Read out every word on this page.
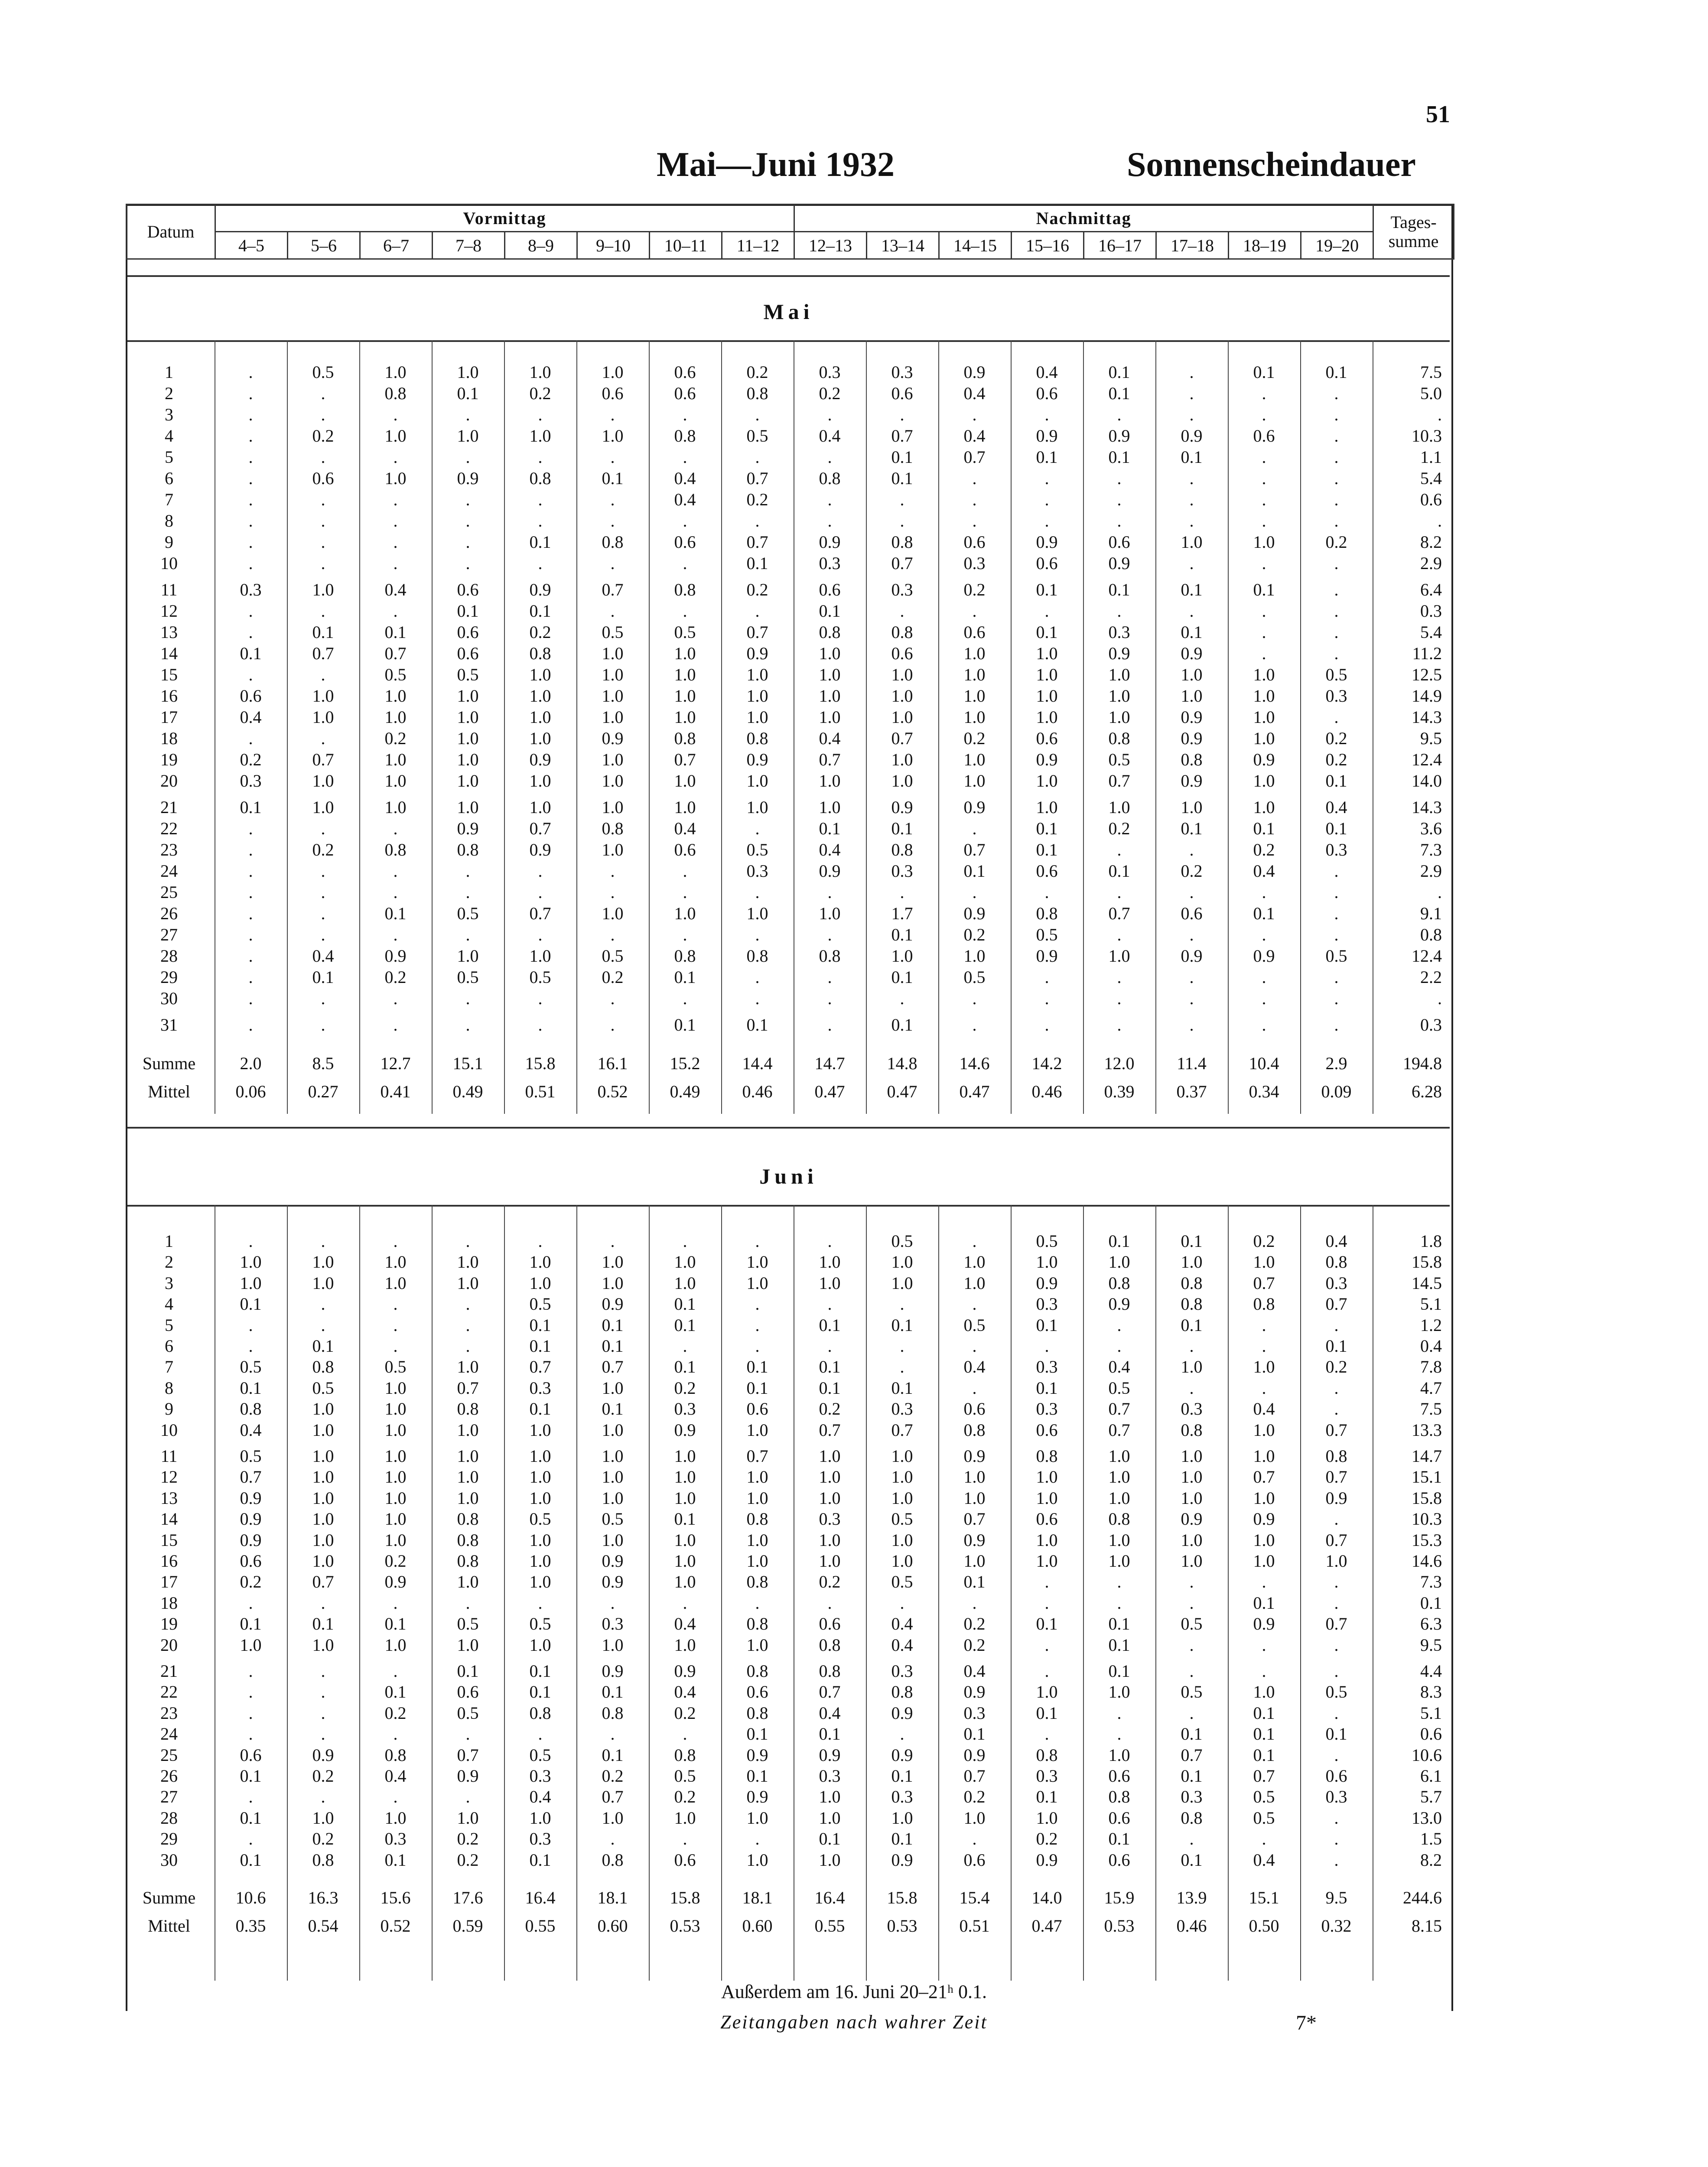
51
Mai—Juni 1932	Sonnenscheindauer
Datum	Vormittag								Nachmittag								Tages-
summe
	4–5	5–6	6–7	7–8	8–9	9–10	10–11	11–12	12–13	13–14	14–15	15–16	16–17	17–18	18–19	19–20	
Mai
1	.	0.5	1.0	1.0	1.0	1.0	0.6	0.2	0.3	0.3	0.9	0.4	0.1	.	0.1	0.1	7.5
2	.	.	0.8	0.1	0.2	0.6	0.6	0.8	0.2	0.6	0.4	0.6	0.1	.	.	.	5.0
3	.	.	.	.	.	.	.	.	.	.	.	.	.	.	.	.	.
4	.	0.2	1.0	1.0	1.0	1.0	0.8	0.5	0.4	0.7	0.4	0.9	0.9	0.9	0.6	.	10.3
5	.	.	.	.	.	.	.	.	.	0.1	0.7	0.1	0.1	0.1	.	.	1.1
6	.	0.6	1.0	0.9	0.8	0.1	0.4	0.7	0.8	0.1	.	.	.	.	.	.	5.4
7	.	.	.	.	.	.	0.4	0.2	.	.	.	.	.	.	.	.	0.6
8	.	.	.	.	.	.	.	.	.	.	.	.	.	.	.	.	.
9	.	.	.	.	0.1	0.8	0.6	0.7	0.9	0.8	0.6	0.9	0.6	1.0	1.0	0.2	8.2
10	.	.	.	.	.	.	.	0.1	0.3	0.7	0.3	0.6	0.9	.	.	.	2.9
11	0.3	1.0	0.4	0.6	0.9	0.7	0.8	0.2	0.6	0.3	0.2	0.1	0.1	0.1	0.1	.	6.4
12	.	.	.	0.1	0.1	.	.	.	0.1	.	.	.	.	.	.	.	0.3
13	.	0.1	0.1	0.6	0.2	0.5	0.5	0.7	0.8	0.8	0.6	0.1	0.3	0.1	.	.	5.4
14	0.1	0.7	0.7	0.6	0.8	1.0	1.0	0.9	1.0	0.6	1.0	1.0	0.9	0.9	.	.	11.2
15	.	.	0.5	0.5	1.0	1.0	1.0	1.0	1.0	1.0	1.0	1.0	1.0	1.0	1.0	0.5	12.5
16	0.6	1.0	1.0	1.0	1.0	1.0	1.0	1.0	1.0	1.0	1.0	1.0	1.0	1.0	1.0	0.3	14.9
17	0.4	1.0	1.0	1.0	1.0	1.0	1.0	1.0	1.0	1.0	1.0	1.0	1.0	0.9	1.0	.	14.3
18	.	.	0.2	1.0	1.0	0.9	0.8	0.8	0.4	0.7	0.2	0.6	0.8	0.9	1.0	0.2	9.5
19	0.2	0.7	1.0	1.0	0.9	1.0	0.7	0.9	0.7	1.0	1.0	0.9	0.5	0.8	0.9	0.2	12.4
20	0.3	1.0	1.0	1.0	1.0	1.0	1.0	1.0	1.0	1.0	1.0	1.0	0.7	0.9	1.0	0.1	14.0
21	0.1	1.0	1.0	1.0	1.0	1.0	1.0	1.0	1.0	0.9	0.9	1.0	1.0	1.0	1.0	0.4	14.3
22	.	.	.	0.9	0.7	0.8	0.4	.	0.1	0.1	.	0.1	0.2	0.1	0.1	0.1	3.6
23	.	0.2	0.8	0.8	0.9	1.0	0.6	0.5	0.4	0.8	0.7	0.1	.	.	0.2	0.3	7.3
24	.	.	.	.	.	.	.	0.3	0.9	0.3	0.1	0.6	0.1	0.2	0.4	.	2.9
25	.	.	.	.	.	.	.	.	.	.	.	.	.	.	.	.	.
26	.	.	0.1	0.5	0.7	1.0	1.0	1.0	1.0	1.7	0.9	0.8	0.7	0.6	0.1	.	9.1
27	.	.	.	.	.	.	.	.	.	0.1	0.2	0.5	.	.	.	.	0.8
28	.	0.4	0.9	1.0	1.0	0.5	0.8	0.8	0.8	1.0	1.0	0.9	1.0	0.9	0.9	0.5	12.4
29	.	0.1	0.2	0.5	0.5	0.2	0.1	.	.	0.1	0.5	.	.	.	.	.	2.2
30	.	.	.	.	.	.	.	.	.	.	.	.	.	.	.	.	.
31	.	.	.	.	.	.	0.1	0.1	.	0.1	.	.	.	.	.	.	0.3
Summe	2.0	8.5	12.7	15.1	15.8	16.1	15.2	14.4	14.7	14.8	14.6	14.2	12.0	11.4	10.4	2.9	194.8
Mittel	0.06	0.27	0.41	0.49	0.51	0.52	0.49	0.46	0.47	0.47	0.47	0.46	0.39	0.37	0.34	0.09	6.28
Juni
1	.	.	.	.	.	.	.	.	.	0.5	.	0.5	0.1	0.1	0.2	0.4	1.8
2	1.0	1.0	1.0	1.0	1.0	1.0	1.0	1.0	1.0	1.0	1.0	1.0	1.0	1.0	1.0	0.8	15.8
3	1.0	1.0	1.0	1.0	1.0	1.0	1.0	1.0	1.0	1.0	1.0	0.9	0.8	0.8	0.7	0.3	14.5
4	0.1	.	.	.	0.5	0.9	0.1	.	.	.	.	0.3	0.9	0.8	0.8	0.7	5.1
5	.	.	.	.	0.1	0.1	0.1	.	0.1	0.1	0.5	0.1	.	0.1	.	.	1.2
6	.	0.1	.	.	0.1	0.1	.	.	.	.	.	.	.	.	.	0.1	0.4
7	0.5	0.8	0.5	1.0	0.7	0.7	0.1	0.1	0.1	.	0.4	0.3	0.4	1.0	1.0	0.2	7.8
8	0.1	0.5	1.0	0.7	0.3	1.0	0.2	0.1	0.1	0.1	.	0.1	0.5	.	.	.	4.7
9	0.8	1.0	1.0	0.8	0.1	0.1	0.3	0.6	0.2	0.3	0.6	0.3	0.7	0.3	0.4	.	7.5
10	0.4	1.0	1.0	1.0	1.0	1.0	0.9	1.0	0.7	0.7	0.8	0.6	0.7	0.8	1.0	0.7	13.3
11	0.5	1.0	1.0	1.0	1.0	1.0	1.0	0.7	1.0	1.0	0.9	0.8	1.0	1.0	1.0	0.8	14.7
12	0.7	1.0	1.0	1.0	1.0	1.0	1.0	1.0	1.0	1.0	1.0	1.0	1.0	1.0	0.7	0.7	15.1
13	0.9	1.0	1.0	1.0	1.0	1.0	1.0	1.0	1.0	1.0	1.0	1.0	1.0	1.0	1.0	0.9	15.8
14	0.9	1.0	1.0	0.8	0.5	0.5	0.1	0.8	0.3	0.5	0.7	0.6	0.8	0.9	0.9	.	10.3
15	0.9	1.0	1.0	0.8	1.0	1.0	1.0	1.0	1.0	1.0	0.9	1.0	1.0	1.0	1.0	0.7	15.3
16	0.6	1.0	0.2	0.8	1.0	0.9	1.0	1.0	1.0	1.0	1.0	1.0	1.0	1.0	1.0	1.0	14.6
17	0.2	0.7	0.9	1.0	1.0	0.9	1.0	0.8	0.2	0.5	0.1	.	.	.	.	.	7.3
18	.	.	.	.	.	.	.	.	.	.	.	.	.	.	0.1	.	0.1
19	0.1	0.1	0.1	0.5	0.5	0.3	0.4	0.8	0.6	0.4	0.2	0.1	0.1	0.5	0.9	0.7	6.3
20	1.0	1.0	1.0	1.0	1.0	1.0	1.0	1.0	0.8	0.4	0.2	.	0.1	.	.	.	9.5
21	.	.	.	0.1	0.1	0.9	0.9	0.8	0.8	0.3	0.4	.	0.1	.	.	.	4.4
22	.	.	0.1	0.6	0.1	0.1	0.4	0.6	0.7	0.8	0.9	1.0	1.0	0.5	1.0	0.5	8.3
23	.	.	0.2	0.5	0.8	0.8	0.2	0.8	0.4	0.9	0.3	0.1	.	.	0.1	.	5.1
24	.	.	.	.	.	.	.	0.1	0.1	.	0.1	.	.	0.1	0.1	0.1	0.6
25	0.6	0.9	0.8	0.7	0.5	0.1	0.8	0.9	0.9	0.9	0.9	0.8	1.0	0.7	0.1	.	10.6
26	0.1	0.2	0.4	0.9	0.3	0.2	0.5	0.1	0.3	0.1	0.7	0.3	0.6	0.1	0.7	0.6	6.1
27	.	.	.	.	0.4	0.7	0.2	0.9	1.0	0.3	0.2	0.1	0.8	0.3	0.5	0.3	5.7
28	0.1	1.0	1.0	1.0	1.0	1.0	1.0	1.0	1.0	1.0	1.0	1.0	0.6	0.8	0.5	.	13.0
29	.	0.2	0.3	0.2	0.3	.	.	.	0.1	0.1	.	0.2	0.1	.	.	.	1.5
30	0.1	0.8	0.1	0.2	0.1	0.8	0.6	1.0	1.0	0.9	0.6	0.9	0.6	0.1	0.4	.	8.2
Summe	10.6	16.3	15.6	17.6	16.4	18.1	15.8	18.1	16.4	15.8	15.4	14.0	15.9	13.9	15.1	9.5	244.6
Mittel	0.35	0.54	0.52	0.59	0.55	0.60	0.53	0.60	0.55	0.53	0.51	0.47	0.53	0.46	0.50	0.32	8.15
Außerdem am 16. Juni 20–21ʰ 0.1.
Zeitangaben nach wahrer Zeit	7*
